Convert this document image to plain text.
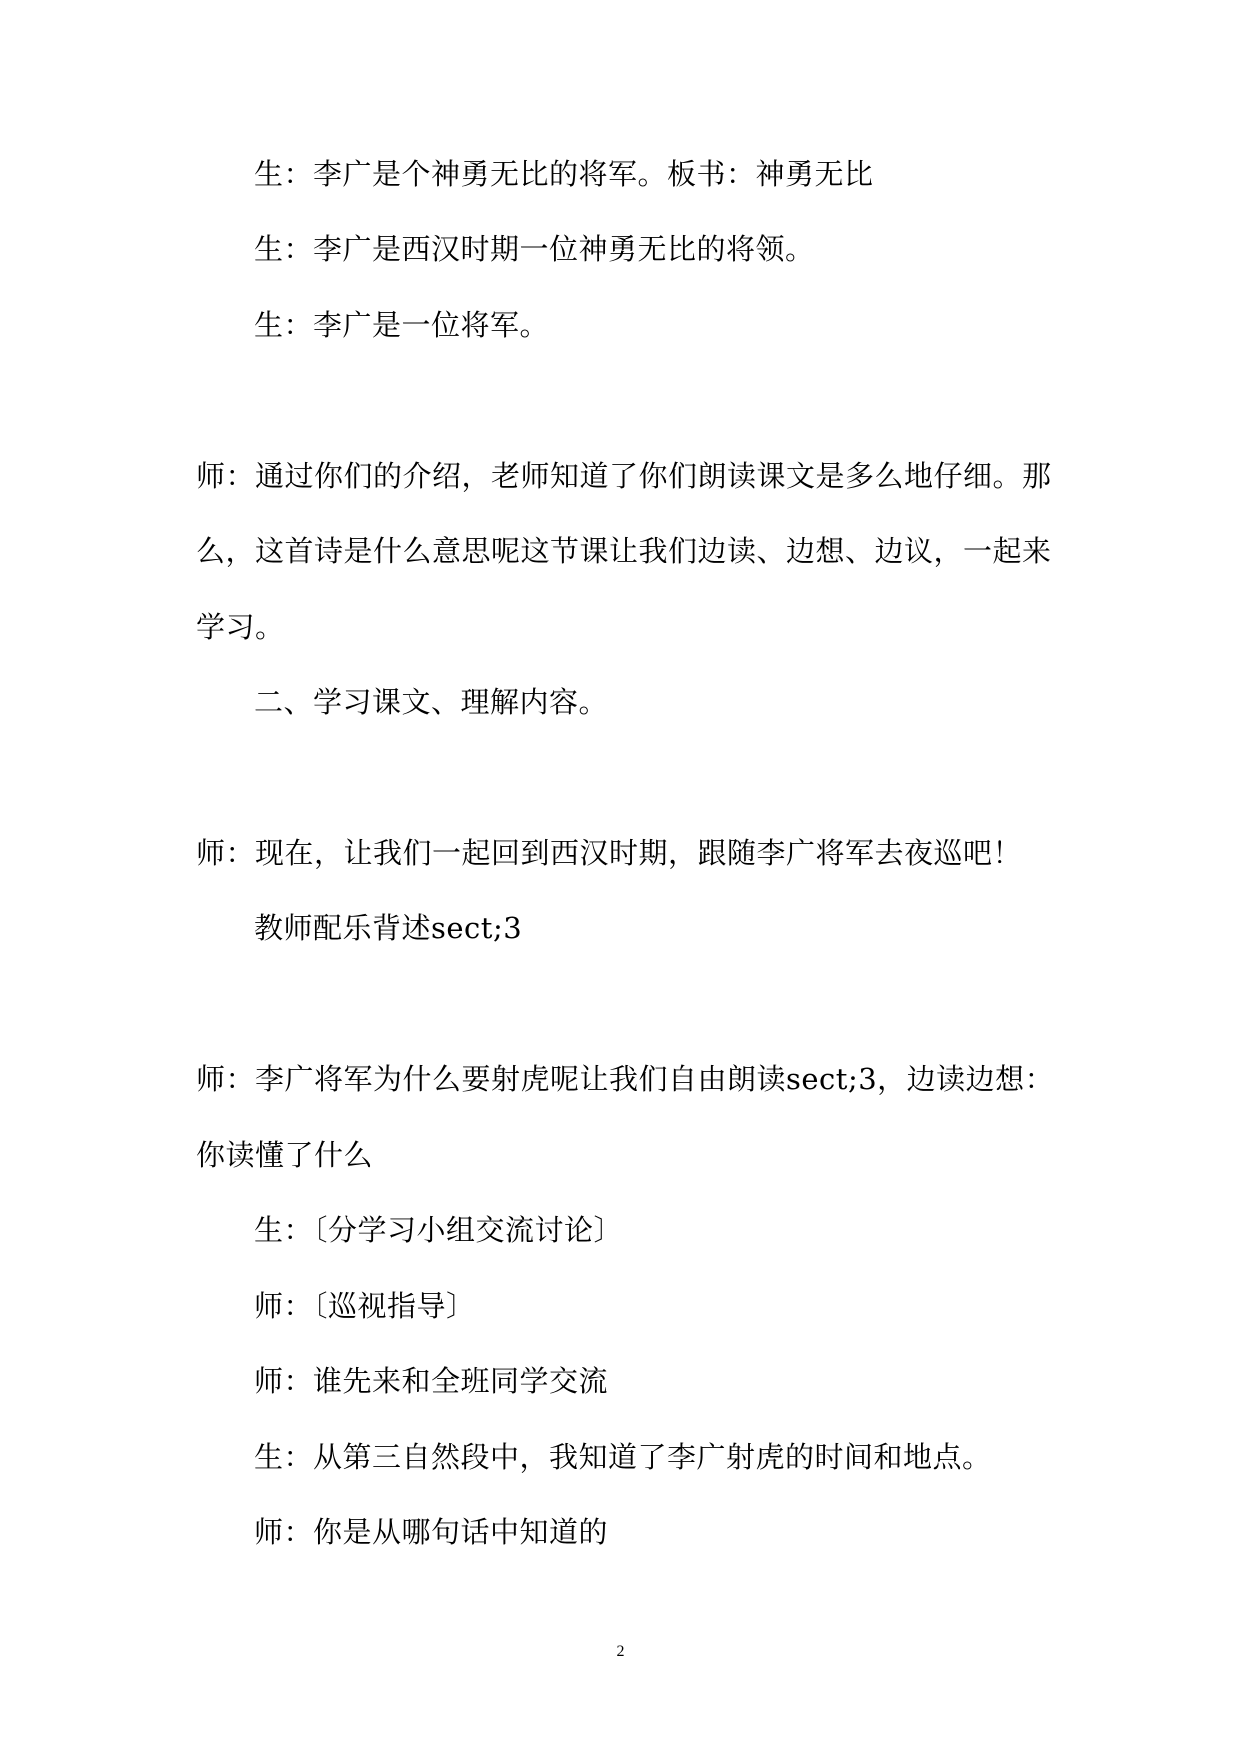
生：李广是个神勇无比的将军。板书：神勇无比
生：李广是西汉时期一位神勇无比的将领。
生：李广是一位将军。
师：通过你们的介绍，老师知道了你们朗读课文是多么地仔细。那
么，这首诗是什么意思呢这节课让我们边读、边想、边议，一起来
学习。
二、学习课文、理解内容。
师：现在，让我们一起回到西汉时期，跟随李广将军去夜巡吧！
教师配乐背述sect;3
师：李广将军为什么要射虎呢让我们自由朗读sect;3，边读边想：
你读懂了什么
生：〔分学习小组交流讨论〕
师：〔巡视指导〕
师：谁先来和全班同学交流
生：从第三自然段中，我知道了李广射虎的时间和地点。
师：你是从哪句话中知道的
2
